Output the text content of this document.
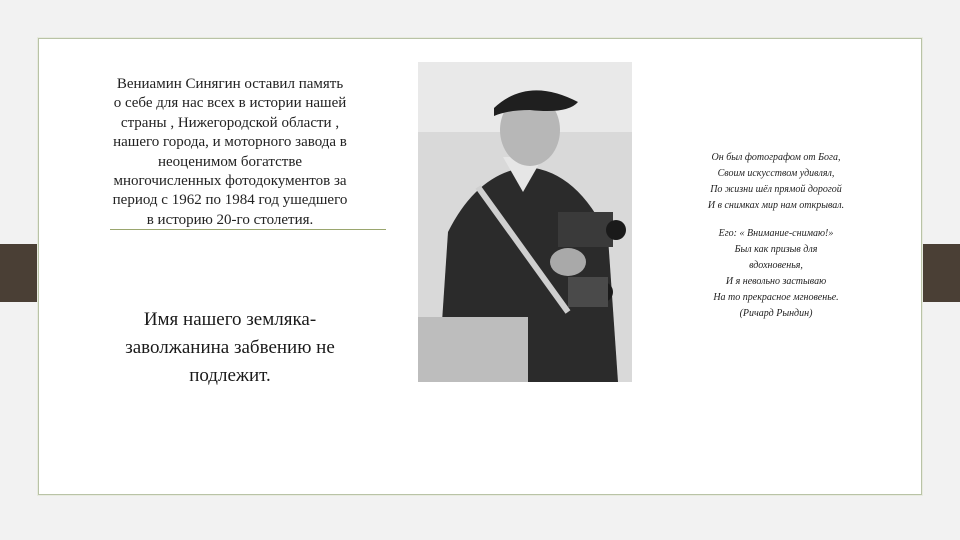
Вениамин Синягин оставил память о себе для нас всех в истории нашей страны , Нижегородской области , нашего города, и моторного завода в неоценимом богатстве многочисленных фотодокументов за период с 1962 по 1984 год ушедшего в историю 20-го столетия.

Имя нашего земляка-заволжанина забвению не подлежит.

Он был фотографом от Бога,

Своим искусством удивлял,

По жизни шёл прямой дорогой

И в снимках мир нам открывал.

Его: « Внимание-снимаю!»

Был как призыв для

вдохновенья,

И я невольно застываю

На то прекрасное мгновенье.

(Ричард Рындин)
